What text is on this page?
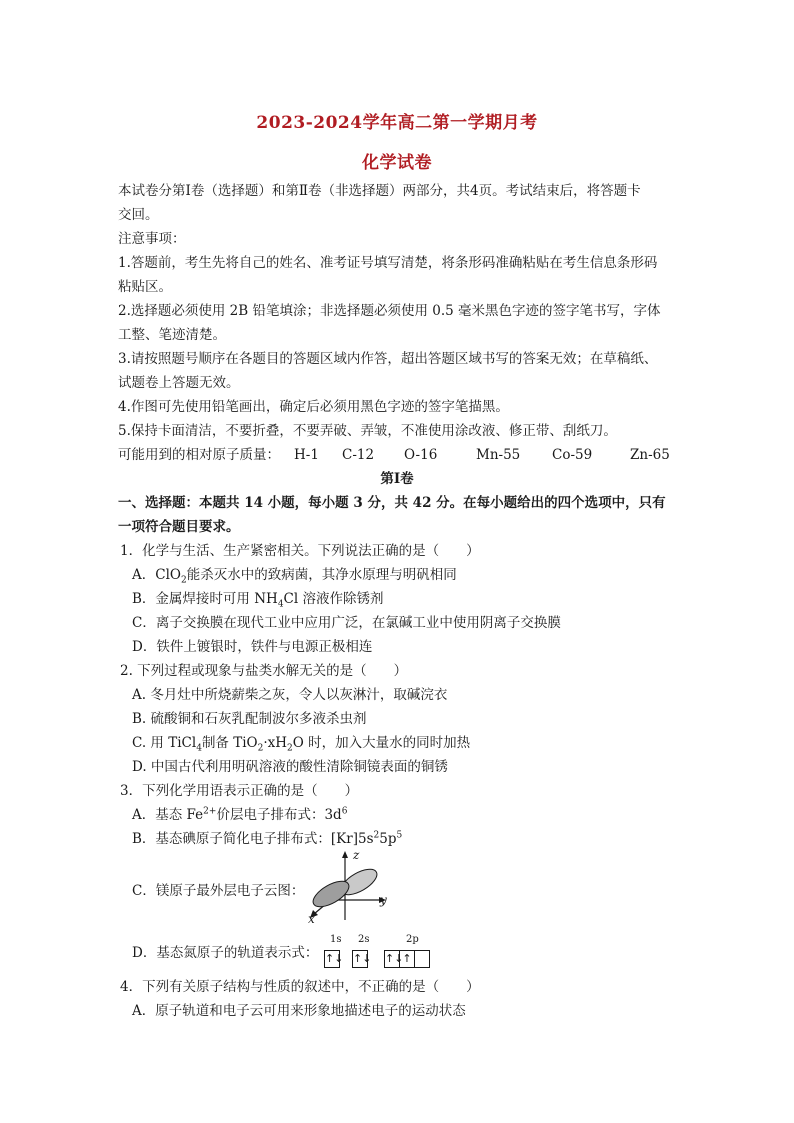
2023-2024学年高二第一学期月考
化学试卷
本试卷分第Ⅰ卷（选择题）和第Ⅱ卷（非选择题）两部分，共4页。考试结束后，将答题卡
交回。
注意事项：
1.答题前，考生先将自己的姓名、准考证号填写清楚，将条形码准确粘贴在考生信息条形码
粘贴区。
2.选择题必须使用 2B 铅笔填涂；非选择题必须使用 0.5 毫米黑色字迹的签字笔书写，字体
工整、笔迹清楚。
3.请按照题号顺序在各题目的答题区域内作答，超出答题区域书写的答案无效；在草稿纸、
试题卷上答题无效。
4.作图可先使用铅笔画出，确定后必须用黑色字迹的签字笔描黑。
5.保持卡面清洁，不要折叠，不要弄破、弄皱，不准使用涂改液、修正带、刮纸刀。
可能用到的相对原子质量： H-1 C-12 O-16	Mn-55 Co-59	Zn-65
第Ⅰ卷
一、选择题：本题共 14 小题，每小题 3 分，共 42 分。在每小题给出的四个选项中，只有
一项符合题目要求。
1．化学与生活、生产紧密相关。下列说法正确的是（　　）
A．ClO$_2$能杀灭水中的致病菌，其净水原理与明矾相同
B．金属焊接时可用 $NH_4Cl$ 溶液作除锈剂
C．离子交换膜在现代工业中应用广泛，在氯碱工业中使用阴离子交换膜
D．铁件上镀银时，铁件与电源正极相连
2. 下列过程或现象与盐类水解无关的是（　　）
A. 冬月灶中所烧薪柴之灰，令人以灰淋汁，取碱浣衣
B. 硫酸铜和石灰乳配制波尔多液杀虫剂
C. 用 TiCl$_4$制备 $TiO_2\cdot xH_2O$ 时，加入大量水的同时加热
D. 中国古代利用明矾溶液的酸性清除铜镜表面的铜锈
3．下列化学用语表示正确的是（　　）
A．基态 $Fe^{2+}$价层电子排布式：$3d^6$
B．基态碘原子简化电子排布式：$[Kr]5s^25p^5$
C．镁原子最外层电子云图：
z
x
y
D．基态氮原子的轨道表示式：
1s 2s	2p
↑↓ ↑↓ ↑↓
↑
4．下列有关原子结构与性质的叙述中，不正确的是（　　）
A．原子轨道和电子云可用来形象地描述电子的运动状态
